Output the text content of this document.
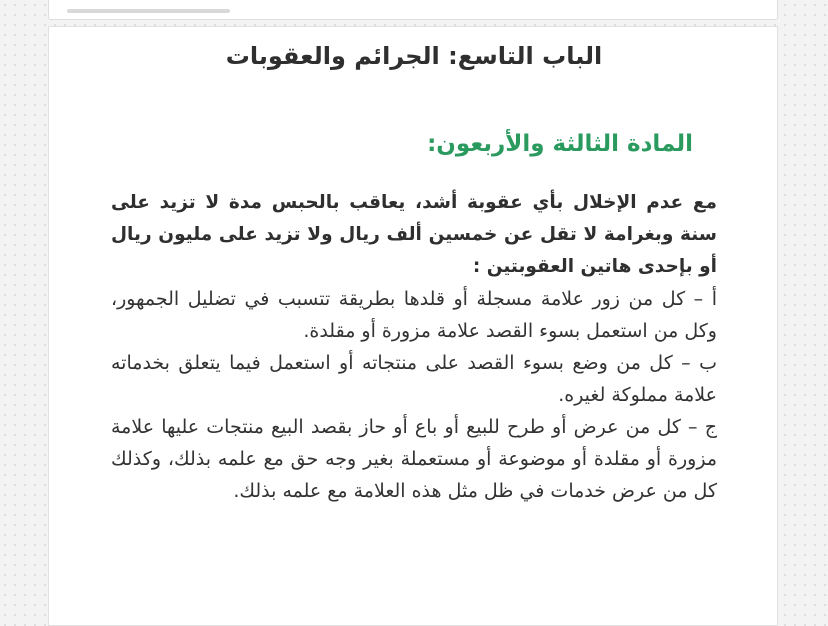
الباب التاسع: الجرائم والعقوبات
المادة الثالثة والأربعون:

مع عدم الإخلال بأي عقوبة أشد، يعاقب بالحبس مدة لا تزيد على سنة وبغرامة لا تقل عن خمسين ألف ريال ولا تزيد على مليون ريال أو بإحدى هاتين العقوبتين :

أ – كل من زور علامة مسجلة أو قلدها بطريقة تتسبب في تضليل الجمهور، وكل من استعمل بسوء القصد علامة مزورة أو مقلدة.

ب – كل من وضع بسوء القصد على منتجاته أو استعمل فيما يتعلق بخدماته علامة مملوكة لغيره.

ج – كل من عرض أو طرح للبيع أو باع أو حاز بقصد البيع منتجات عليها علامة مزورة أو مقلدة أو موضوعة أو مستعملة بغير وجه حق مع علمه بذلك، وكذلك كل من عرض خدمات في ظل مثل هذه العلامة مع علمه بذلك.
